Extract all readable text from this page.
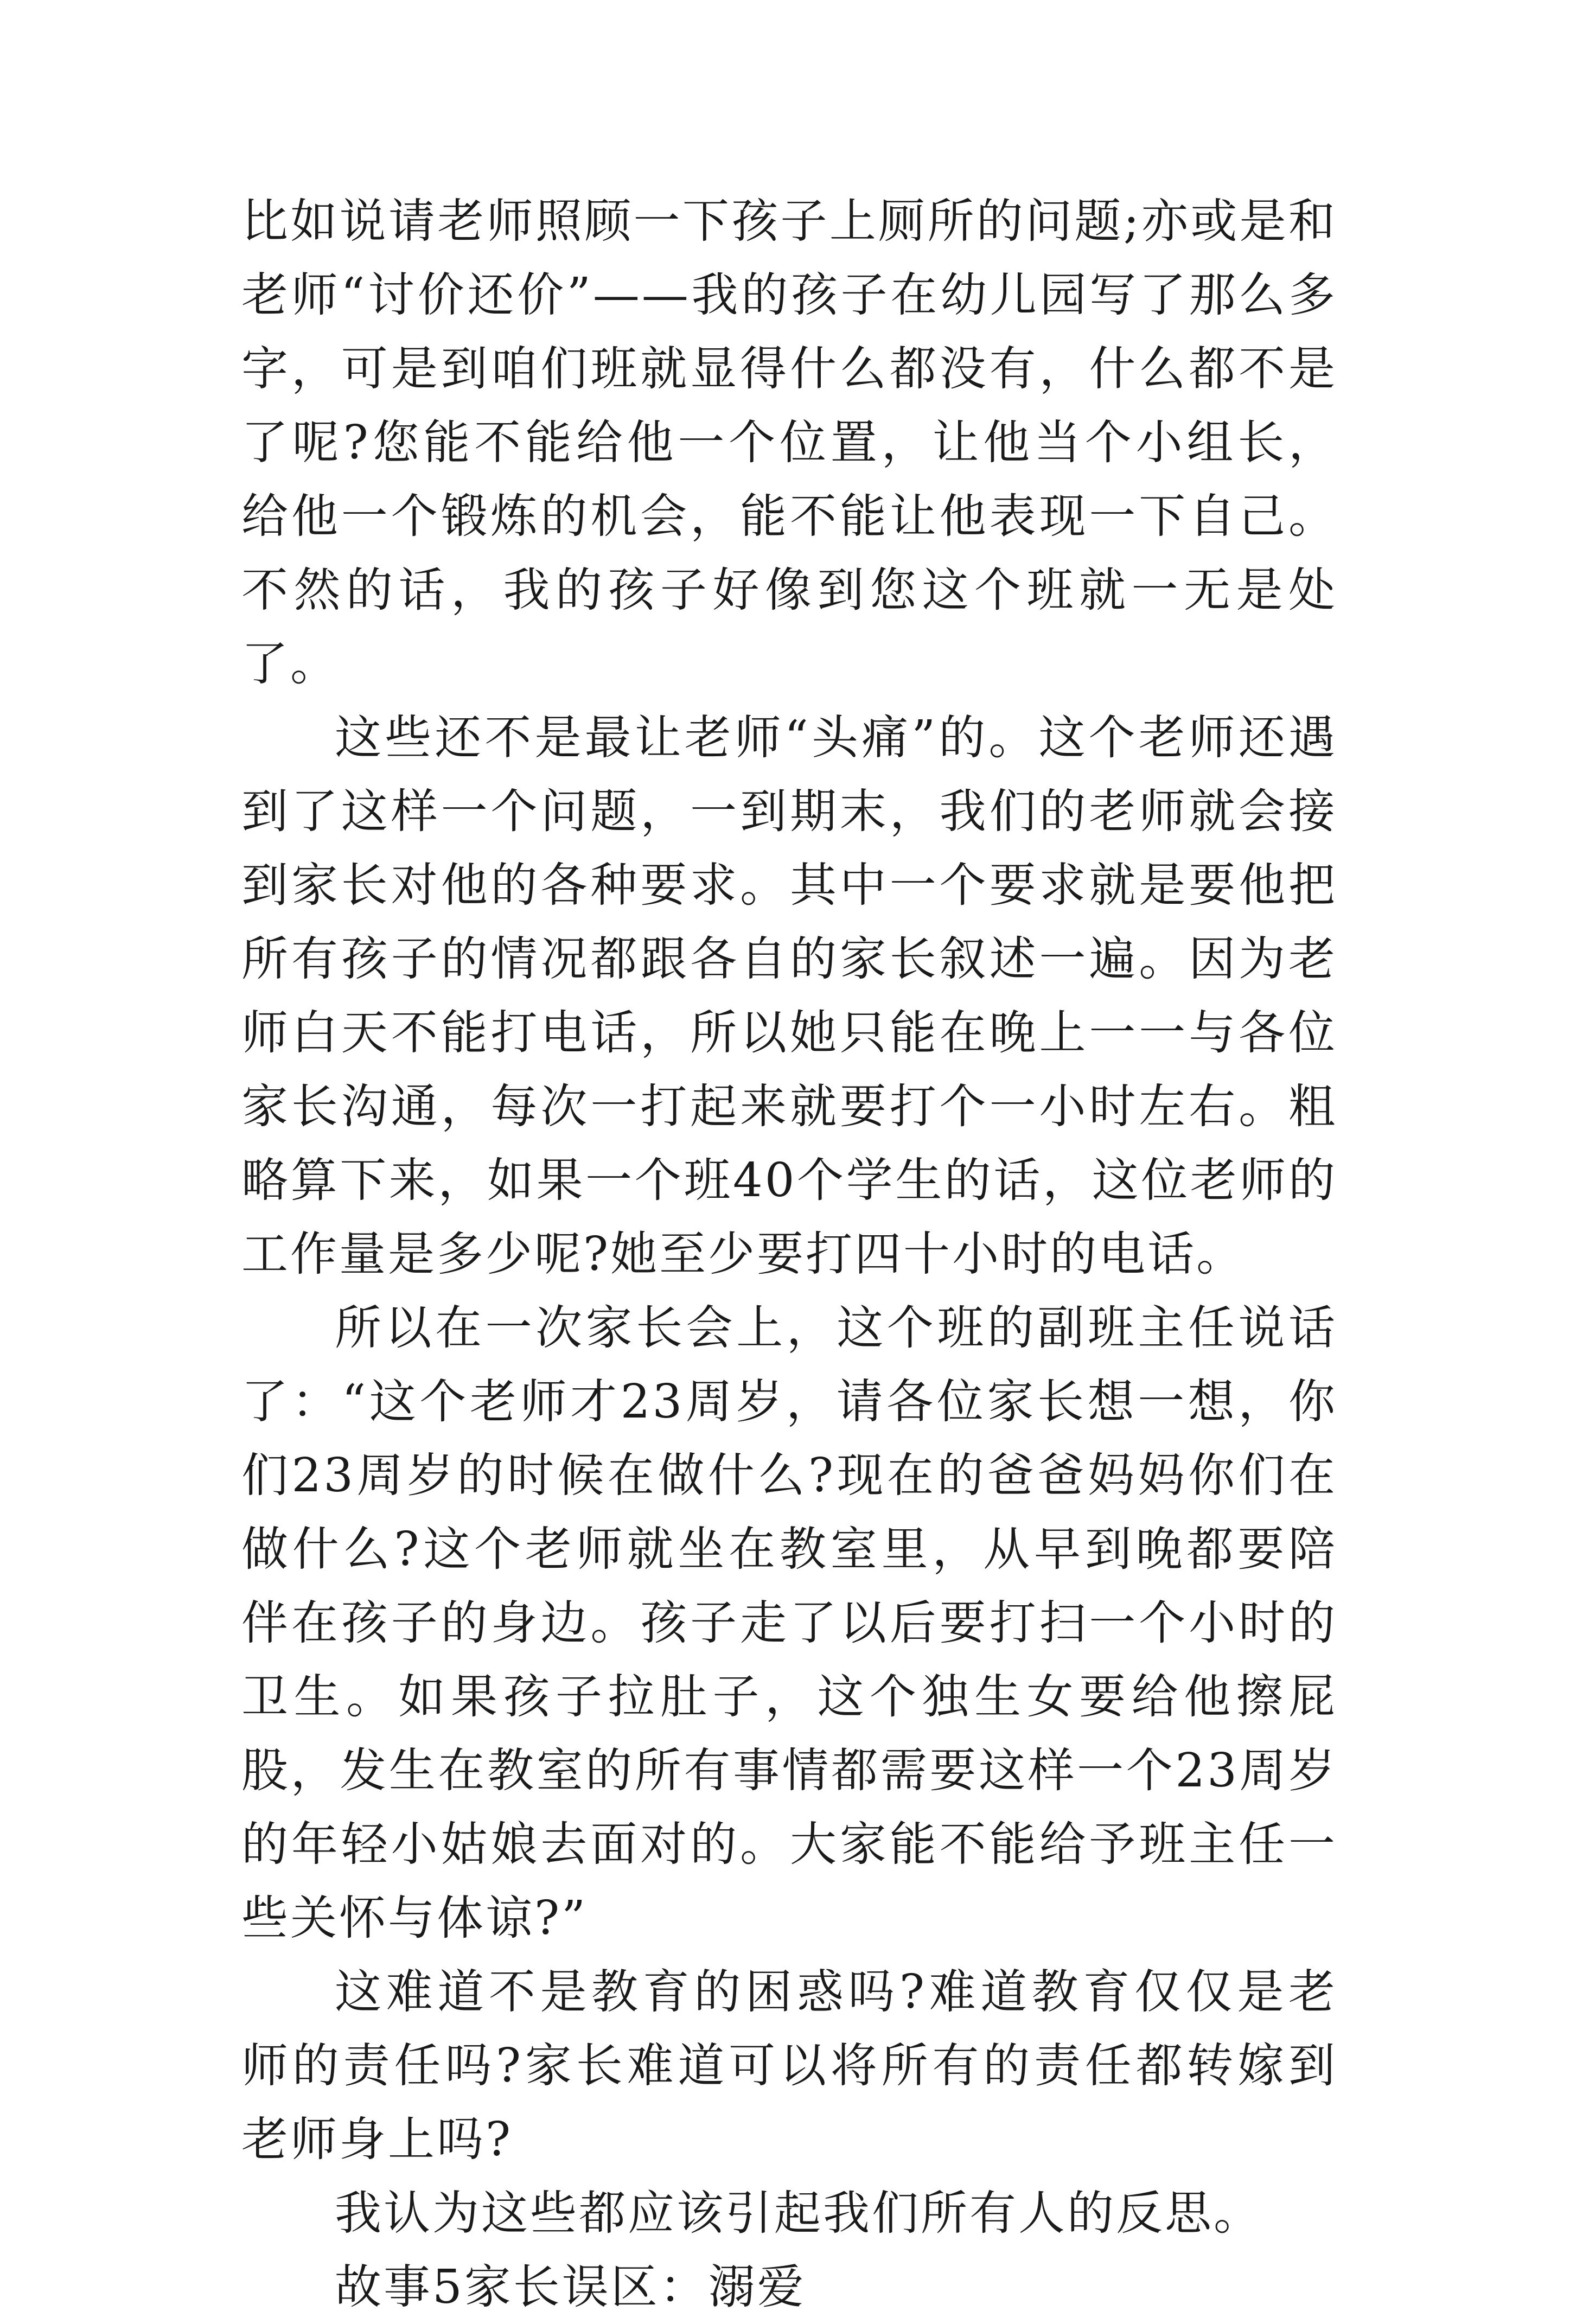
比如说请老师照顾一下孩子上厕所的问题;亦或是和老师“讨价还价”——我的孩子在幼儿园写了那么多字，可是到咱们班就显得什么都没有，什么都不是了呢?您能不能给他一个位置，让他当个小组长，给他一个锻炼的机会，能不能让他表现一下自己。不然的话，我的孩子好像到您这个班就一无是处了。

这些还不是最让老师“头痛”的。这个老师还遇到了这样一个问题，一到期末，我们的老师就会接到家长对他的各种要求。其中一个要求就是要他把所有孩子的情况都跟各自的家长叙述一遍。因为老师白天不能打电话，所以她只能在晚上一一与各位家长沟通，每次一打起来就要打个一小时左右。粗略算下来，如果一个班40个学生的话，这位老师的工作量是多少呢?她至少要打四十小时的电话。

所以在一次家长会上，这个班的副班主任说话了：“这个老师才23周岁，请各位家长想一想，你们23周岁的时候在做什么?现在的爸爸妈妈你们在做什么?这个老师就坐在教室里，从早到晚都要陪伴在孩子的身边。孩子走了以后要打扫一个小时的卫生。如果孩子拉肚子，这个独生女要给他擦屁股，发生在教室的所有事情都需要这样一个23周岁的年轻小姑娘去面对的。大家能不能给予班主任一些关怀与体谅?”

这难道不是教育的困惑吗?难道教育仅仅是老师的责任吗?家长难道可以将所有的责任都转嫁到老师身上吗?

我认为这些都应该引起我们所有人的反思。

故事5家长误区：溺爱
